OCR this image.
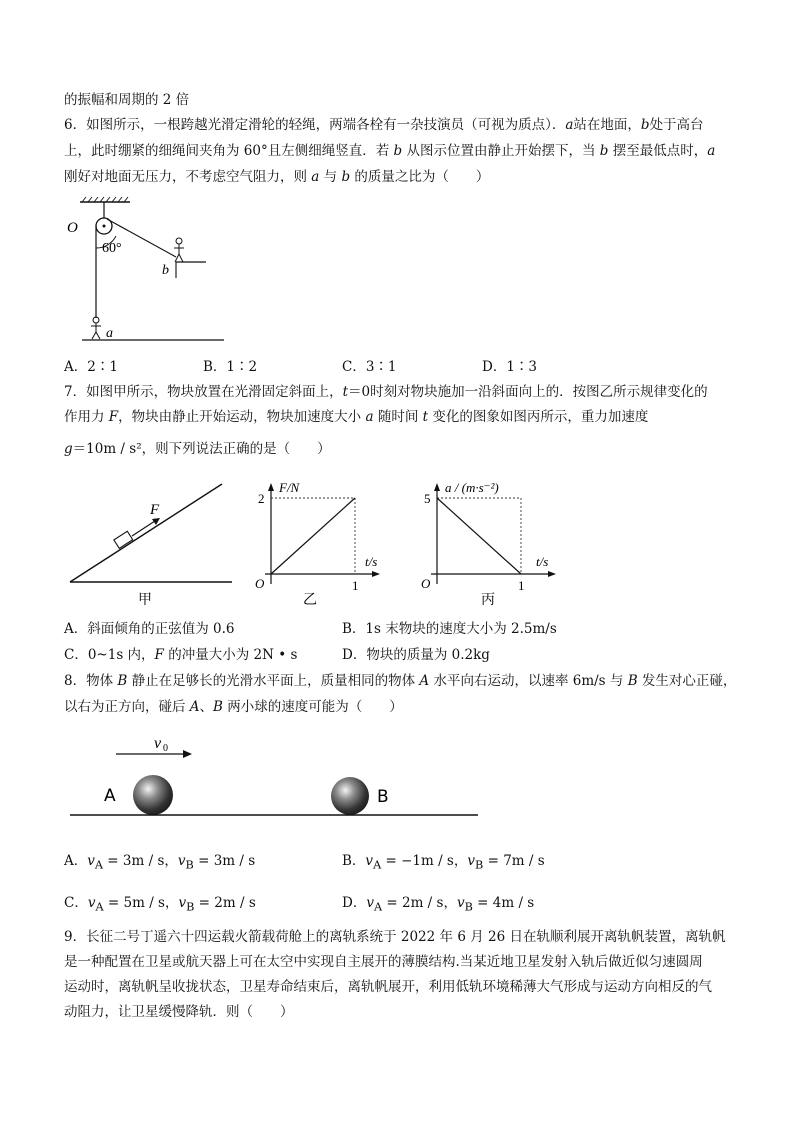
的振幅和周期的 2 倍
6．如图所示，一根跨越光滑定滑轮的轻绳，两端各栓有一杂技演员（可视为质点）．a站在地面，b处于高台
上，此时绷紧的细绳间夹角为 60°且左侧细绳竖直．若 b 从图示位置由静止开始摆下，当 b 摆至最低点时，a
刚好对地面无压力，不考虑空气阻力，则 a 与 b 的质量之比为（　　）
O
60°
b
a
A．2∶1	B．1∶2	C．3∶1	D．1∶3
7．如图甲所示，物块放置在光滑固定斜面上，t＝0时刻对物块施加一沿斜面向上的．按图乙所示规律变化的
作用力 F，物块由静止开始运动，物块加速度大小 a 随时间 t 变化的图象如图丙所示，重力加速度
g＝10m / s²，则下列说法正确的是（　　）
F
甲
F/N
t/s
O
2
1
乙
a / (m·s⁻²)
t/s
O
5
1
丙
A．斜面倾角的正弦值为 0.6	B．1s 末物块的速度大小为 2.5m/s
C．0~1s 内，F 的冲量大小为 2N • s	D．物块的质量为 0.2kg
8．物体 B 静止在足够长的光滑水平面上，质量相同的物体 A 水平向右运动，以速率 6m/s 与 B 发生对心正碰，
以右为正方向，碰后 A、B 两小球的速度可能为（　　）
v 0
A	B
A．$v_A = 3m / s$，$v_B = 3m / s$	B．$v_A = -1m / s$，$v_B = 7m / s$
C．$v_A = 5m / s$，$v_B = 2m / s$	D．$v_A = 2m / s$，$v_B = 4m / s$
9．长征二号丁遥六十四运载火箭载荷舱上的离轨系统于 2022 年 6 月 26 日在轨顺利展开离轨帆装置，离轨帆
是一种配置在卫星或航天器上可在太空中实现自主展开的薄膜结构.当某近地卫星发射入轨后做近似匀速圆周
运动时，离轨帆呈收拢状态，卫星寿命结束后，离轨帆展开，利用低轨环境稀薄大气形成与运动方向相反的气
动阻力，让卫星缓慢降轨．则（　　）
